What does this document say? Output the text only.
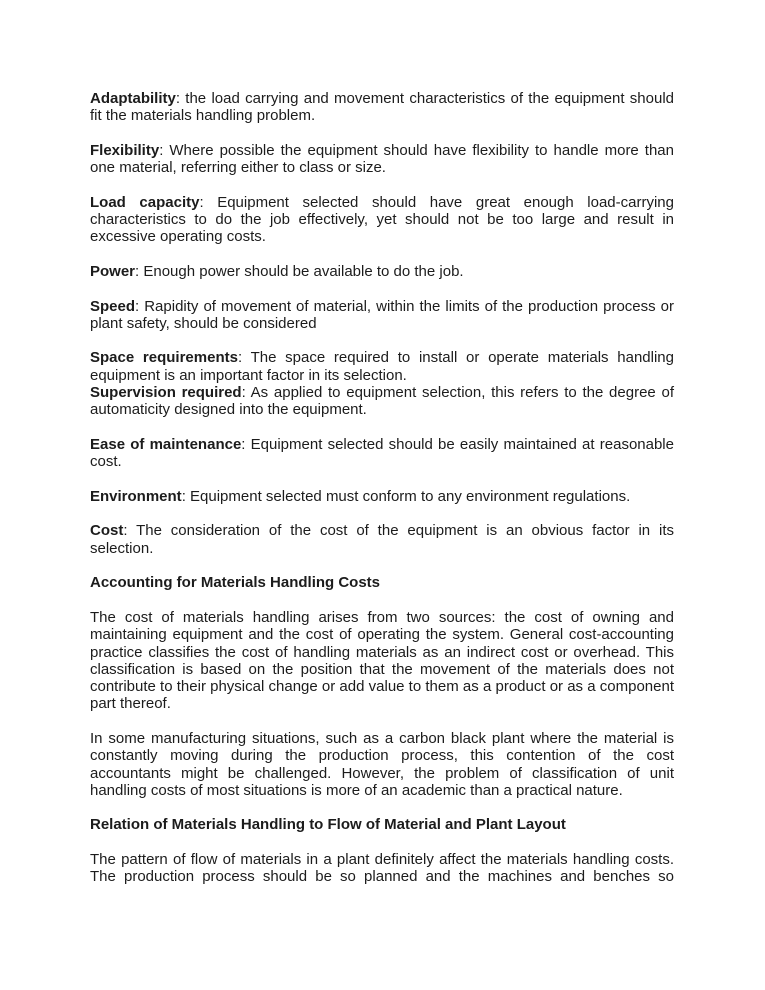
Adaptability: the load carrying and movement characteristics of the equipment should fit the materials handling problem.

Flexibility: Where possible the equipment should have flexibility to handle more than one material, referring either to class or size.

Load capacity: Equipment selected should have great enough load-carrying characteristics to do the job effectively, yet should not be too large and result in excessive operating costs.

Power: Enough power should be available to do the job.

Speed: Rapidity of movement of material, within the limits of the production process or plant safety, should be considered

Space requirements: The space required to install or operate materials handling equipment is an important factor in its selection.

Supervision required: As applied to equipment selection, this refers to the degree of automaticity designed into the equipment.

Ease of maintenance: Equipment selected should be easily maintained at reasonable cost.

Environment: Equipment selected must conform to any environment regulations.

Cost: The consideration of the cost of the equipment is an obvious factor in its selection.

Accounting for Materials Handling Costs

The cost of materials handling arises from two sources: the cost of owning and maintaining equipment and the cost of operating the system. General cost-accounting practice classifies the cost of handling materials as an indirect cost or overhead. This classification is based on the position that the movement of the materials does not contribute to their physical change or add value to them as a product or as a component part thereof.

In some manufacturing situations, such as a carbon black plant where the material is constantly moving during the production process, this contention of the cost accountants might be challenged. However, the problem of classification of unit handling costs of most situations is more of an academic than a practical nature.

Relation of Materials Handling to Flow of Material and Plant Layout

The pattern of flow of materials in a plant definitely affect the materials handling costs. The production process should be so planned and the machines and benches so
